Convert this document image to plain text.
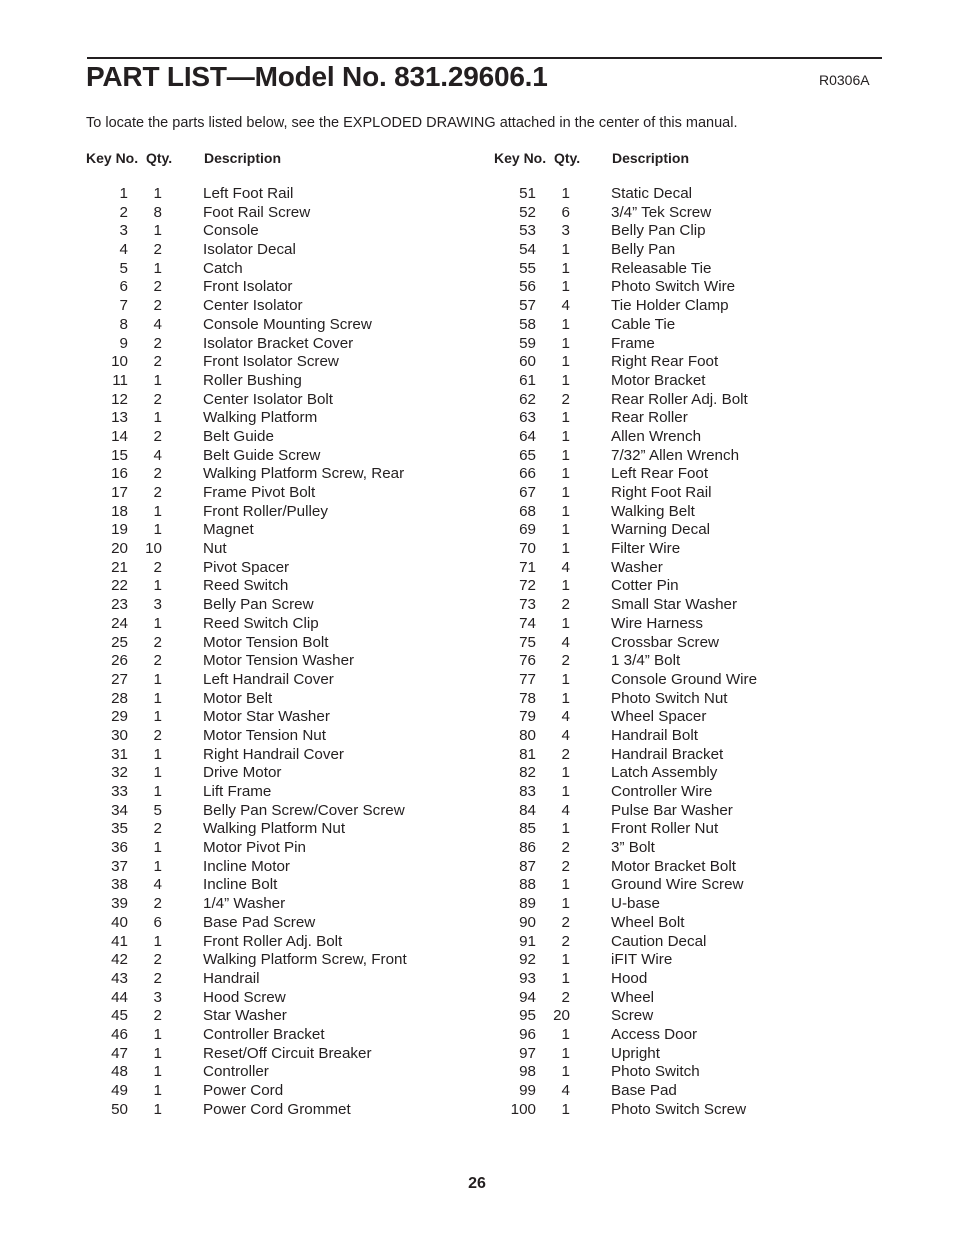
PART LIST—Model No. 831.29606.1	R0306A

To locate the parts listed below, see the EXPLODED DRAWING attached in the center of this manual.

Key No. Qty.	Description
1	1	Left Foot Rail
2	8	Foot Rail Screw
3	1	Console
4	2	Isolator Decal
5	1	Catch
6	2	Front Isolator
7	2	Center Isolator
8	4	Console Mounting Screw
9	2	Isolator Bracket Cover
10	2	Front Isolator Screw
11	1	Roller Bushing
12	2	Center Isolator Bolt
13	1	Walking Platform
14	2	Belt Guide
15	4	Belt Guide Screw
16	2	Walking Platform Screw, Rear
17	2	Frame Pivot Bolt
18	1	Front Roller/Pulley
19	1	Magnet
20	10	Nut
21	2	Pivot Spacer
22	1	Reed Switch
23	3	Belly Pan Screw
24	1	Reed Switch Clip
25	2	Motor Tension Bolt
26	2	Motor Tension Washer
27	1	Left Handrail Cover
28	1	Motor Belt
29	1	Motor Star Washer
30	2	Motor Tension Nut
31	1	Right Handrail Cover
32	1	Drive Motor
33	1	Lift Frame
34	5	Belly Pan Screw/Cover Screw
35	2	Walking Platform Nut
36	1	Motor Pivot Pin
37	1	Incline Motor
38	4	Incline Bolt
39	2	1/4” Washer
40	6	Base Pad Screw
41	1	Front Roller Adj. Bolt
42	2	Walking Platform Screw, Front
43	2	Handrail
44	3	Hood Screw
45	2	Star Washer
46	1	Controller Bracket
47	1	Reset/Off Circuit Breaker
48	1	Controller
49	1	Power Cord
50	1	Power Cord Grommet
Key No. Qty.	Description
51	1	Static Decal
52	6	3/4” Tek Screw
53	3	Belly Pan Clip
54	1	Belly Pan
55	1	Releasable Tie
56	1	Photo Switch Wire
57	4	Tie Holder Clamp
58	1	Cable Tie
59	1	Frame
60	1	Right Rear Foot
61	1	Motor Bracket
62	2	Rear Roller Adj. Bolt
63	1	Rear Roller
64	1	Allen Wrench
65	1	7/32” Allen Wrench
66	1	Left Rear Foot
67	1	Right Foot Rail
68	1	Walking Belt
69	1	Warning Decal
70	1	Filter Wire
71	4	Washer
72	1	Cotter Pin
73	2	Small Star Washer
74	1	Wire Harness
75	4	Crossbar Screw
76	2	1 3/4” Bolt
77	1	Console Ground Wire
78	1	Photo Switch Nut
79	4	Wheel Spacer
80	4	Handrail Bolt
81	2	Handrail Bracket
82	1	Latch Assembly
83	1	Controller Wire
84	4	Pulse Bar Washer
85	1	Front Roller Nut
86	2	3” Bolt
87	2	Motor Bracket Bolt
88	1	Ground Wire Screw
89	1	U-base
90	2	Wheel Bolt
91	2	Caution Decal
92	1	iFIT Wire
93	1	Hood
94	2	Wheel
95	20	Screw
96	1	Access Door
97	1	Upright
98	1	Photo Switch
99	4	Base Pad
100	1	Photo Switch Screw
26
